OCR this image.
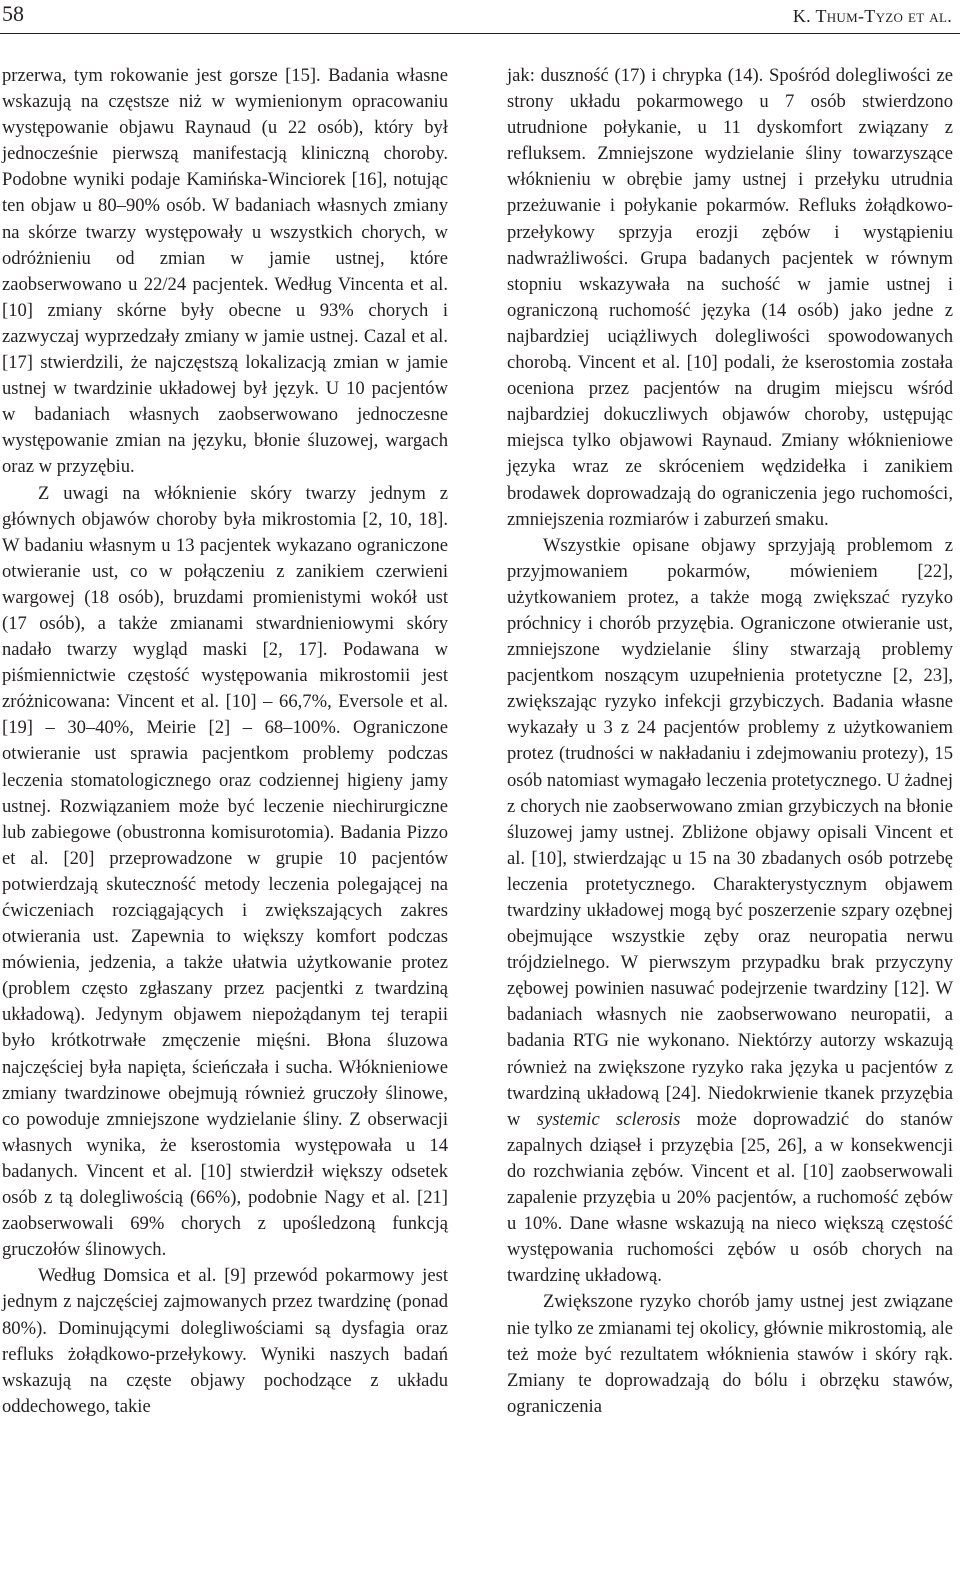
58	K. Thum-Tyzo et al.

przerwa, tym rokowanie jest gorsze [15]. Badania własne wskazują na częstsze niż w wymienionym opracowaniu występowanie objawu Raynaud (u 22 osób), który był jednocześnie pierwszą manifestacją kliniczną choroby. Podobne wyniki podaje Kamińska-Winciorek [16], notując ten objaw u 80–90% osób. W badaniach własnych zmiany na skórze twarzy występowały u wszystkich chorych, w odróżnieniu od zmian w jamie ustnej, które zaobserwowano u 22/24 pacjentek. Według Vincenta et al. [10] zmiany skórne były obecne u 93% chorych i zazwyczaj wyprzedzały zmiany w jamie ustnej. Cazal et al. [17] stwierdzili, że najczęstszą lokalizacją zmian w jamie ustnej w twardzinie układowej był język. U 10 pacjentów w badaniach własnych zaobserwowano jednoczesne występowanie zmian na języku, błonie śluzowej, wargach oraz w przyzębiu.

Z uwagi na włóknienie skóry twarzy jednym z głównych objawów choroby była mikrostomia [2, 10, 18]. W badaniu własnym u 13 pacjentek wykazano ograniczone otwieranie ust, co w połączeniu z zanikiem czerwieni wargowej (18 osób), bruzdami promienistymi wokół ust (17 osób), a także zmianami stwardnieniowymi skóry nadało twarzy wygląd maski [2, 17]. Podawana w piśmiennictwie częstość występowania mikrostomii jest zróżnicowana: Vincent et al. [10] – 66,7%, Eversole et al. [19] – 30–40%, Meirie [2] – 68–100%. Ograniczone otwieranie ust sprawia pacjentkom problemy podczas leczenia stomatologicznego oraz codziennej higieny jamy ustnej. Rozwiązaniem może być leczenie niechirurgiczne lub zabiegowe (obustronna komisurotomia). Badania Pizzo et al. [20] przeprowadzone w grupie 10 pacjentów potwierdzają skuteczność metody leczenia polegającej na ćwiczeniach rozciągających i zwiększających zakres otwierania ust. Zapewnia to większy komfort podczas mówienia, jedzenia, a także ułatwia użytkowanie protez (problem często zgłaszany przez pacjentki z twardziną układową). Jedynym objawem niepożądanym tej terapii było krótkotrwałe zmęczenie mięśni. Błona śluzowa najczęściej była napięta, ścieńczała i sucha. Włóknieniowe zmiany twardzinowe obejmują również gruczoły ślinowe, co powoduje zmniejszone wydzielanie śliny. Z obserwacji własnych wynika, że kserostomia występowała u 14 badanych. Vincent et al. [10] stwierdził większy odsetek osób z tą dolegliwością (66%), podobnie Nagy et al. [21] zaobserwowali 69% chorych z upośledzoną funkcją gruczołów ślinowych.

Według Domsica et al. [9] przewód pokarmowy jest jednym z najczęściej zajmowanych przez twardzinę (ponad 80%). Dominującymi dolegliwościami są dysfagia oraz refluks żołądkowo-przełykowy. Wyniki naszych badań wskazują na częste objawy pochodzące z układu oddechowego, takie

jak: duszność (17) i chrypka (14). Spośród dolegliwości ze strony układu pokarmowego u 7 osób stwierdzono utrudnione połykanie, u 11 dyskomfort związany z refluksem. Zmniejszone wydzielanie śliny towarzyszące włóknieniu w obrębie jamy ustnej i przełyku utrudnia przeżuwanie i połykanie pokarmów. Refluks żołądkowo-przełykowy sprzyja erozji zębów i wystąpieniu nadwrażliwości. Grupa badanych pacjentek w równym stopniu wskazywała na suchość w jamie ustnej i ograniczoną ruchomość języka (14 osób) jako jedne z najbardziej uciążliwych dolegliwości spowodowanych chorobą. Vincent et al. [10] podali, że kserostomia została oceniona przez pacjentów na drugim miejscu wśród najbardziej dokuczliwych objawów choroby, ustępując miejsca tylko objawowi Raynaud. Zmiany włóknieniowe języka wraz ze skróceniem wędzidełka i zanikiem brodawek doprowadzają do ograniczenia jego ruchomości, zmniejszenia rozmiarów i zaburzeń smaku.

Wszystkie opisane objawy sprzyjają problemom z przyjmowaniem pokarmów, mówieniem [22], użytkowaniem protez, a także mogą zwiększać ryzyko próchnicy i chorób przyzębia. Ograniczone otwieranie ust, zmniejszone wydzielanie śliny stwarzają problemy pacjentkom noszącym uzupełnienia protetyczne [2, 23], zwiększając ryzyko infekcji grzybiczych. Badania własne wykazały u 3 z 24 pacjentów problemy z użytkowaniem protez (trudności w nakładaniu i zdejmowaniu protezy), 15 osób natomiast wymagało leczenia protetycznego. U żadnej z chorych nie zaobserwowano zmian grzybiczych na błonie śluzowej jamy ustnej. Zbliżone objawy opisali Vincent et al. [10], stwierdzając u 15 na 30 zbadanych osób potrzebę leczenia protetycznego. Charakterystycznym objawem twardziny układowej mogą być poszerzenie szpary ozębnej obejmujące wszystkie zęby oraz neuropatia nerwu trójdzielnego. W pierwszym przypadku brak przyczyny zębowej powinien nasuwać podejrzenie twardziny [12]. W badaniach własnych nie zaobserwowano neuropatii, a badania RTG nie wykonano. Niektórzy autorzy wskazują również na zwiększone ryzyko raka języka u pacjentów z twardziną układową [24]. Niedokrwienie tkanek przyzębia w systemic sclerosis może doprowadzić do stanów zapalnych dziąseł i przyzębia [25, 26], a w konsekwencji do rozchwiania zębów. Vincent et al. [10] zaobserwowali zapalenie przyzębia u 20% pacjentów, a ruchomość zębów u 10%. Dane własne wskazują na nieco większą częstość występowania ruchomości zębów u osób chorych na twardzinę układową.

Zwiększone ryzyko chorób jamy ustnej jest związane nie tylko ze zmianami tej okolicy, głównie mikrostomią, ale też może być rezultatem włóknienia stawów i skóry rąk. Zmiany te doprowadzają do bólu i obrzęku stawów, ograniczenia
